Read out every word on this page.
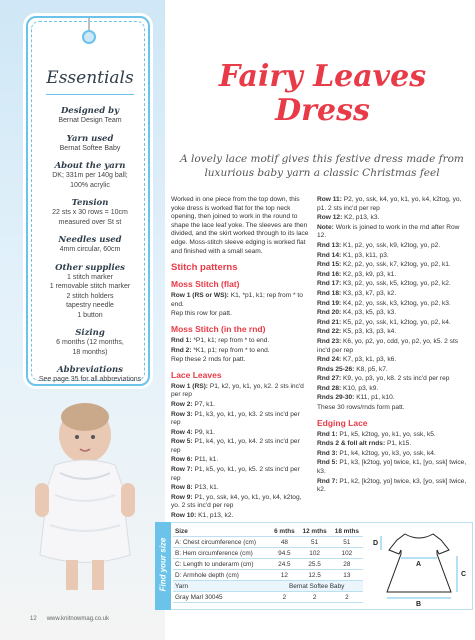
Essentials
Designed by
Bernat Design Team
Yarn used
Bernat Softee Baby
About the yarn
DK; 331m per 140g ball;
100% acrylic
Tension
22 sts x 30 rows = 10cm
measured over St st
Needles used
4mm circular, 60cm
Other supplies
1 stitch marker
1 removable stitch marker
2 stitch holders
tapestry needle
1 button
Sizing
6 months (12 months,
18 months)
Abbreviations
See page 35 for all abbreviations
Fairy Leaves
Dress
A lovely lace motif gives this festive dress made from luxurious baby yarn a classic Christmas feel
Worked in one piece from the top down, this yoke dress is worked flat for the top neck opening, then joined to work in the round to shape the lace leaf yoke. The sleeves are then divided, and the skirt worked through to its lace edge. Moss-stitch sleeve edging is worked flat and finished with a small seam.
Stitch patterns
Moss Stitch (flat)
Row 1 (RS or WS): K1, *p1, k1; rep from * to end.
Rep this row for patt.
Moss Stitch (in the rnd)
Rnd 1: *P1, k1; rep from * to end.
Rnd 2: *K1, p1; rep from * to end.
Rep these 2 rnds for patt.
Lace Leaves
Row 1 (RS): P1, k2, yo, k1, yo, k2. 2 sts inc'd per rep
Row 2: P7, k1.
Row 3: P1, k3, yo, k1, yo, k3. 2 sts inc'd per rep
Row 4: P9, k1.
Row 5: P1, k4, yo, k1, yo, k4. 2 sts inc'd per rep
Row 6: P11, k1.
Row 7: P1, k5, yo, k1, yo, k5. 2 sts inc'd per rep
Row 8: P13, k1.
Row 9: P1, yo, ssk, k4, yo, k1, yo, k4, k2tog, yo. 2 sts inc'd per rep
Row 10: K1, p13, k2.
Row 11: P2, yo, ssk, k4, yo, k1, yo, k4, k2tog, yo, p1. 2 sts inc'd per rep
Row 12: K2, p13, k3.
Note: Work is joined to work in the rnd after Row 12.
Rnd 13: K1, p2, yo, ssk, k9, k2tog, yo, p2.
Rnd 14: K1, p3, k11, p3.
Rnd 15: K2, p2, yo, ssk, k7, k2tog, yo, p2, k1.
Rnd 16: K2, p3, k9, p3, k1.
Rnd 17: K3, p2, yo, ssk, k5, k2tog, yo, p2, k2.
Rnd 18: K3, p3, k7, p3, k2.
Rnd 19: K4, p2, yo, ssk, k3, k2tog, yo, p2, k3.
Rnd 20: K4, p3, k5, p3, k3.
Rnd 21: K5, p2, yo, ssk, k1, k2tog, yo, p2, k4.
Rnd 22: K5, p3, k3, p3, k4.
Rnd 23: K6, yo, p2, yo, cdd, yo, p2, yo, k5. 2 sts inc'd per rep
Rnd 24: K7, p3, k1, p3, k6.
Rnds 25-26: K8, p5, k7.
Rnd 27: K9, yo, p3, yo, k8. 2 sts inc'd per rep
Rnd 28: K10, p3, k9.
Rnds 29-30: K11, p1, k10.
These 30 rows/rnds form patt.
Edging Lace
Rnd 1: P1, k5, k2tog, yo, k1, yo, ssk, k5.
Rnds 2 & foll alt rnds: P1, k15.
Rnd 3: P1, k4, k2tog, yo, k3, yo, ssk, k4.
Rnd 5: P1, k3, [k2tog, yo] twice, k1, [yo, ssk] twice, k3.
Rnd 7: P1, k2, [k2tog, yo] twice, k3, [yo, ssk] twice, k2.
Find your size
Size	6 mths	12 mths	18 mths
A: Chest circumference (cm)	48	51	51
B: Hem circumference (cm)	94.5	102	102
C: Length to underarm (cm)	24.5	25.5	28
D: Armhole depth (cm)	12	12.5	13
Yarn	Bernat Softee Baby		
Gray Marl 30045	2	2	2
D
A
C
B
12 www.knitnowmag.co.uk
